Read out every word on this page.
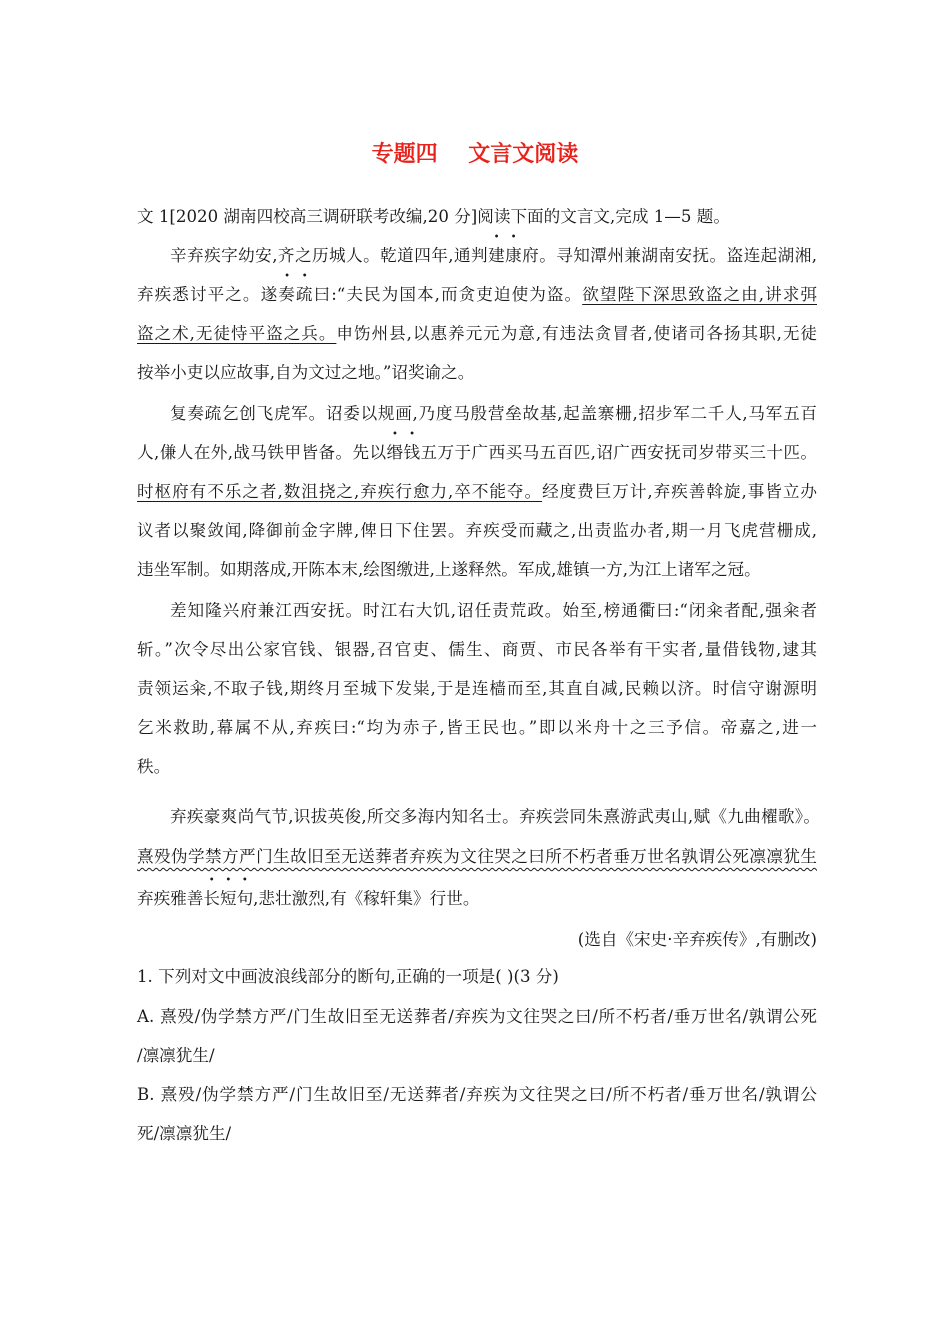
专题四    文言文阅读
文 1[2020 湖南四校高三调研联考改编,20 分]阅读下面的文言文,完成 1—5 题。
辛弃疾字幼安,齐之历城人。乾道四年,通判建康府。寻知潭州兼湖南安抚。盗连起湖湘,
弃疾悉讨平之。遂奏疏曰:“夫民为国本,而贪吏迫使为盗。欲望陛下深思致盗之由,讲求弭
盗之术,无徒恃平盗之兵。申饬州县,以惠养元元为意,有违法贪冒者,使诸司各扬其职,无徒
按举小吏以应故事,自为文过之地。”诏奖谕之。
复奏疏乞创飞虎军。诏委以规画,乃度马殷营垒故基,起盖寨栅,招步军二千人,马军五百
人,傔人在外,战马铁甲皆备。先以缗钱五万于广西买马五百匹,诏广西安抚司岁带买三十匹。
时枢府有不乐之者,数沮挠之,弃疾行愈力,卒不能夺。经度费巨万计,弃疾善斡旋,事皆立办
议者以聚敛闻,降御前金字牌,俾日下住罢。弃疾受而藏之,出责监办者,期一月飞虎营栅成,
违坐军制。如期落成,开陈本末,绘图缴进,上遂释然。军成,雄镇一方,为江上诸军之冠。
差知隆兴府兼江西安抚。时江右大饥,诏任责荒政。始至,榜通衢曰:“闭籴者配,强籴者
斩。”次令尽出公家官钱、银器,召官吏、儒生、商贾、市民各举有干实者,量借钱物,逮其
责领运籴,不取子钱,期终月至城下发粜,于是连樯而至,其直自减,民赖以济。时信守谢源明
乞米救助,幕属不从,弃疾曰:“均为赤子,皆王民也。”即以米舟十之三予信。帝嘉之,进一
秩。
弃疾豪爽尚气节,识拔英俊,所交多海内知名士。弃疾尝同朱熹游武夷山,赋《九曲櫂歌》。
熹殁伪学禁方严门生故旧至无送葬者弃疾为文往哭之曰所不朽者垂万世名孰谓公死凛凛犹生
弃疾雅善长短句,悲壮激烈,有《稼轩集》行世。
(选自《宋史·辛弃疾传》,有删改)
1. 下列对文中画波浪线部分的断句,正确的一项是( )(3 分)
A. 熹殁/伪学禁方严/门生故旧至无送葬者/弃疾为文往哭之曰/所不朽者/垂万世名/孰谓公死
/凛凛犹生/
B. 熹殁/伪学禁方严/门生故旧至/无送葬者/弃疾为文往哭之曰/所不朽者/垂万世名/孰谓公
死/凛凛犹生/
